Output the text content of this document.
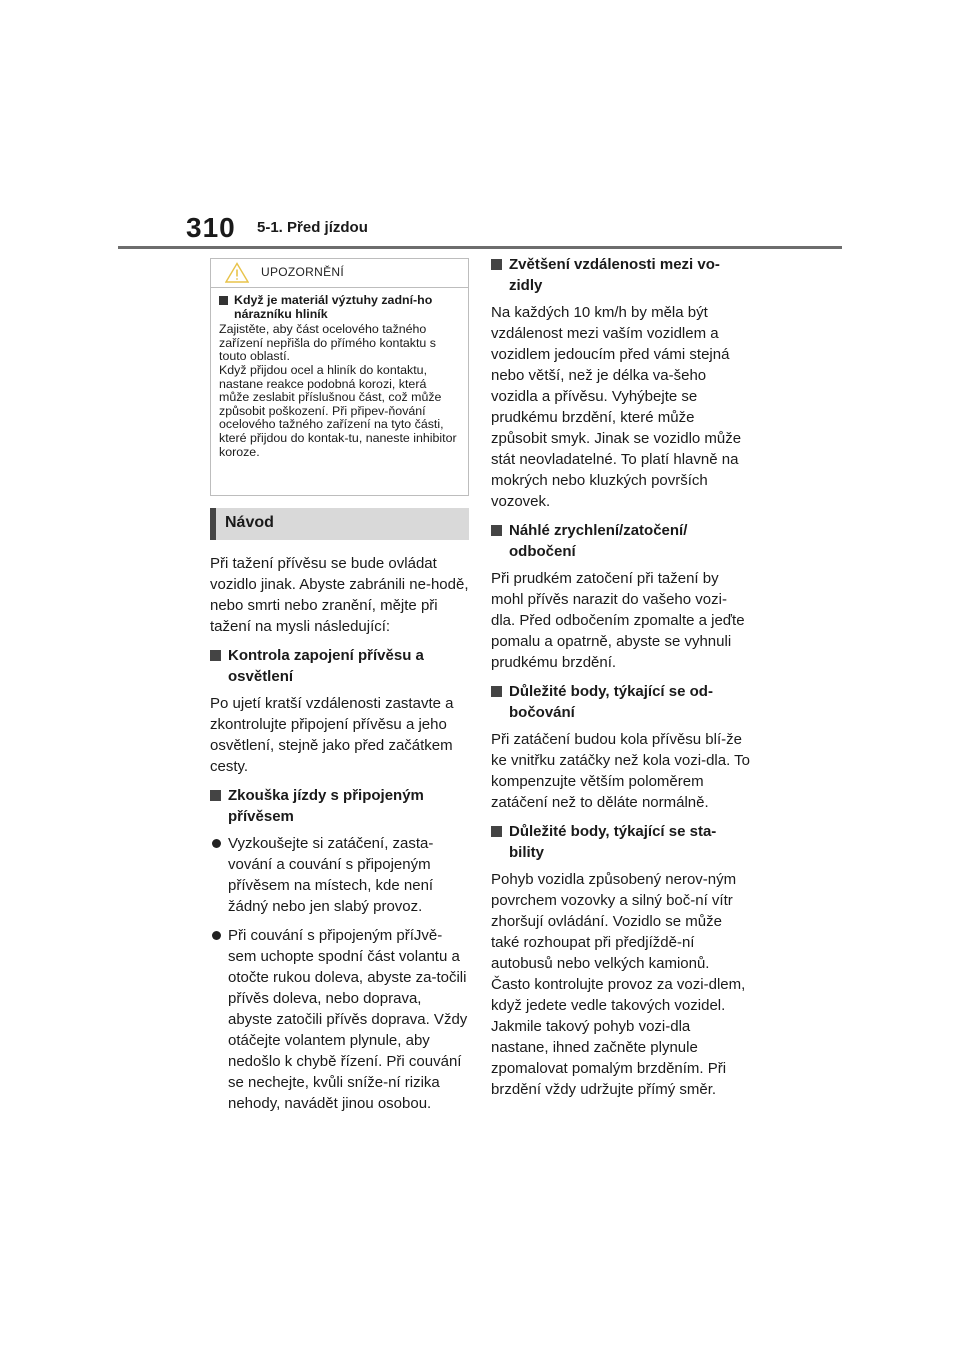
310 5-1. Před jízdou
UPOZORNĚNÍ
Když je materiál výztuhy zadní-ho nárazníku hliník

Zajistěte, aby část ocelového tažného zařízení nepřišla do přímého kontaktu s touto oblastí.

Když přijdou ocel a hliník do kontaktu, nastane reakce podobná korozi, která může zeslabit příslušnou část, což může způsobit poškození. Při připev-ňování ocelového tažného zařízení na tyto části, které přijdou do kontak-tu, naneste inhibitor koroze.

Návod

Při tažení přívěsu se bude ovládat vozidlo jinak. Abyste zabránili ne-hodě, nebo smrti nebo zranění, mějte při tažení na mysli následující:

Kontrola zapojení přívěsu a osvětlení

Po ujetí kratší vzdálenosti zastavte a zkontrolujte připojení přívěsu a jeho osvětlení, stejně jako před začátkem cesty.

Zkouška jízdy s připojeným přívěsem
Vyzkoušejte si zatáčení, zasta-vování a couvání s připojeným přívěsem na místech, kde není žádný nebo jen slabý provoz.
Při couvání s připojeným příJvě-sem uchopte spodní část volantu a otočte rukou doleva, abyste za-točili přívěs doleva, nebo doprava, abyste zatočili přívěs doprava. Vždy otáčejte volantem plynule, aby nedošlo k chybě řízení. Při couvání se nechejte, kvůli sníže-ní rizika nehody, navádět jinou osobou.
Zvětšení vzdálenosti mezi vo-zidly

Na každých 10 km/h by měla být vzdálenost mezi vaším vozidlem a vozidlem jedoucím před vámi stejná nebo větší, než je délka va-šeho vozidla a přívěsu. Vyhýbejte se prudkému brzdění, které může způsobit smyk. Jinak se vozidlo může stát neovladatelné. To platí hlavně na mokrých nebo kluzkých površích vozovek.

Náhlé zrychlení/zatočení/ odbočení

Při prudkém zatočení při tažení by mohl přívěs narazit do vašeho vozi-dla. Před odbočením zpomalte a jeďte pomalu a opatrně, abyste se vyhnuli prudkému brzdění.

Důležité body, týkající se od-bočování

Při zatáčení budou kola přívěsu blí-že ke vnitřku zatáčky než kola vozi-dla. To kompenzujte větším poloměrem zatáčení než to děláte normálně.

Důležité body, týkající se sta-bility

Pohyb vozidla způsobený nerov-ným povrchem vozovky a silný boč-ní vítr zhoršují ovládání. Vozidlo se může také rozhoupat při předjíždě-ní autobusů nebo velkých kamionů. Často kontrolujte provoz za vozi-dlem, když jedete vedle takových vozidel. Jakmile takový pohyb vozi-dla nastane, ihned začněte plynule zpomalovat pomalým brzděním. Při brzdění vždy udržujte přímý směr.
